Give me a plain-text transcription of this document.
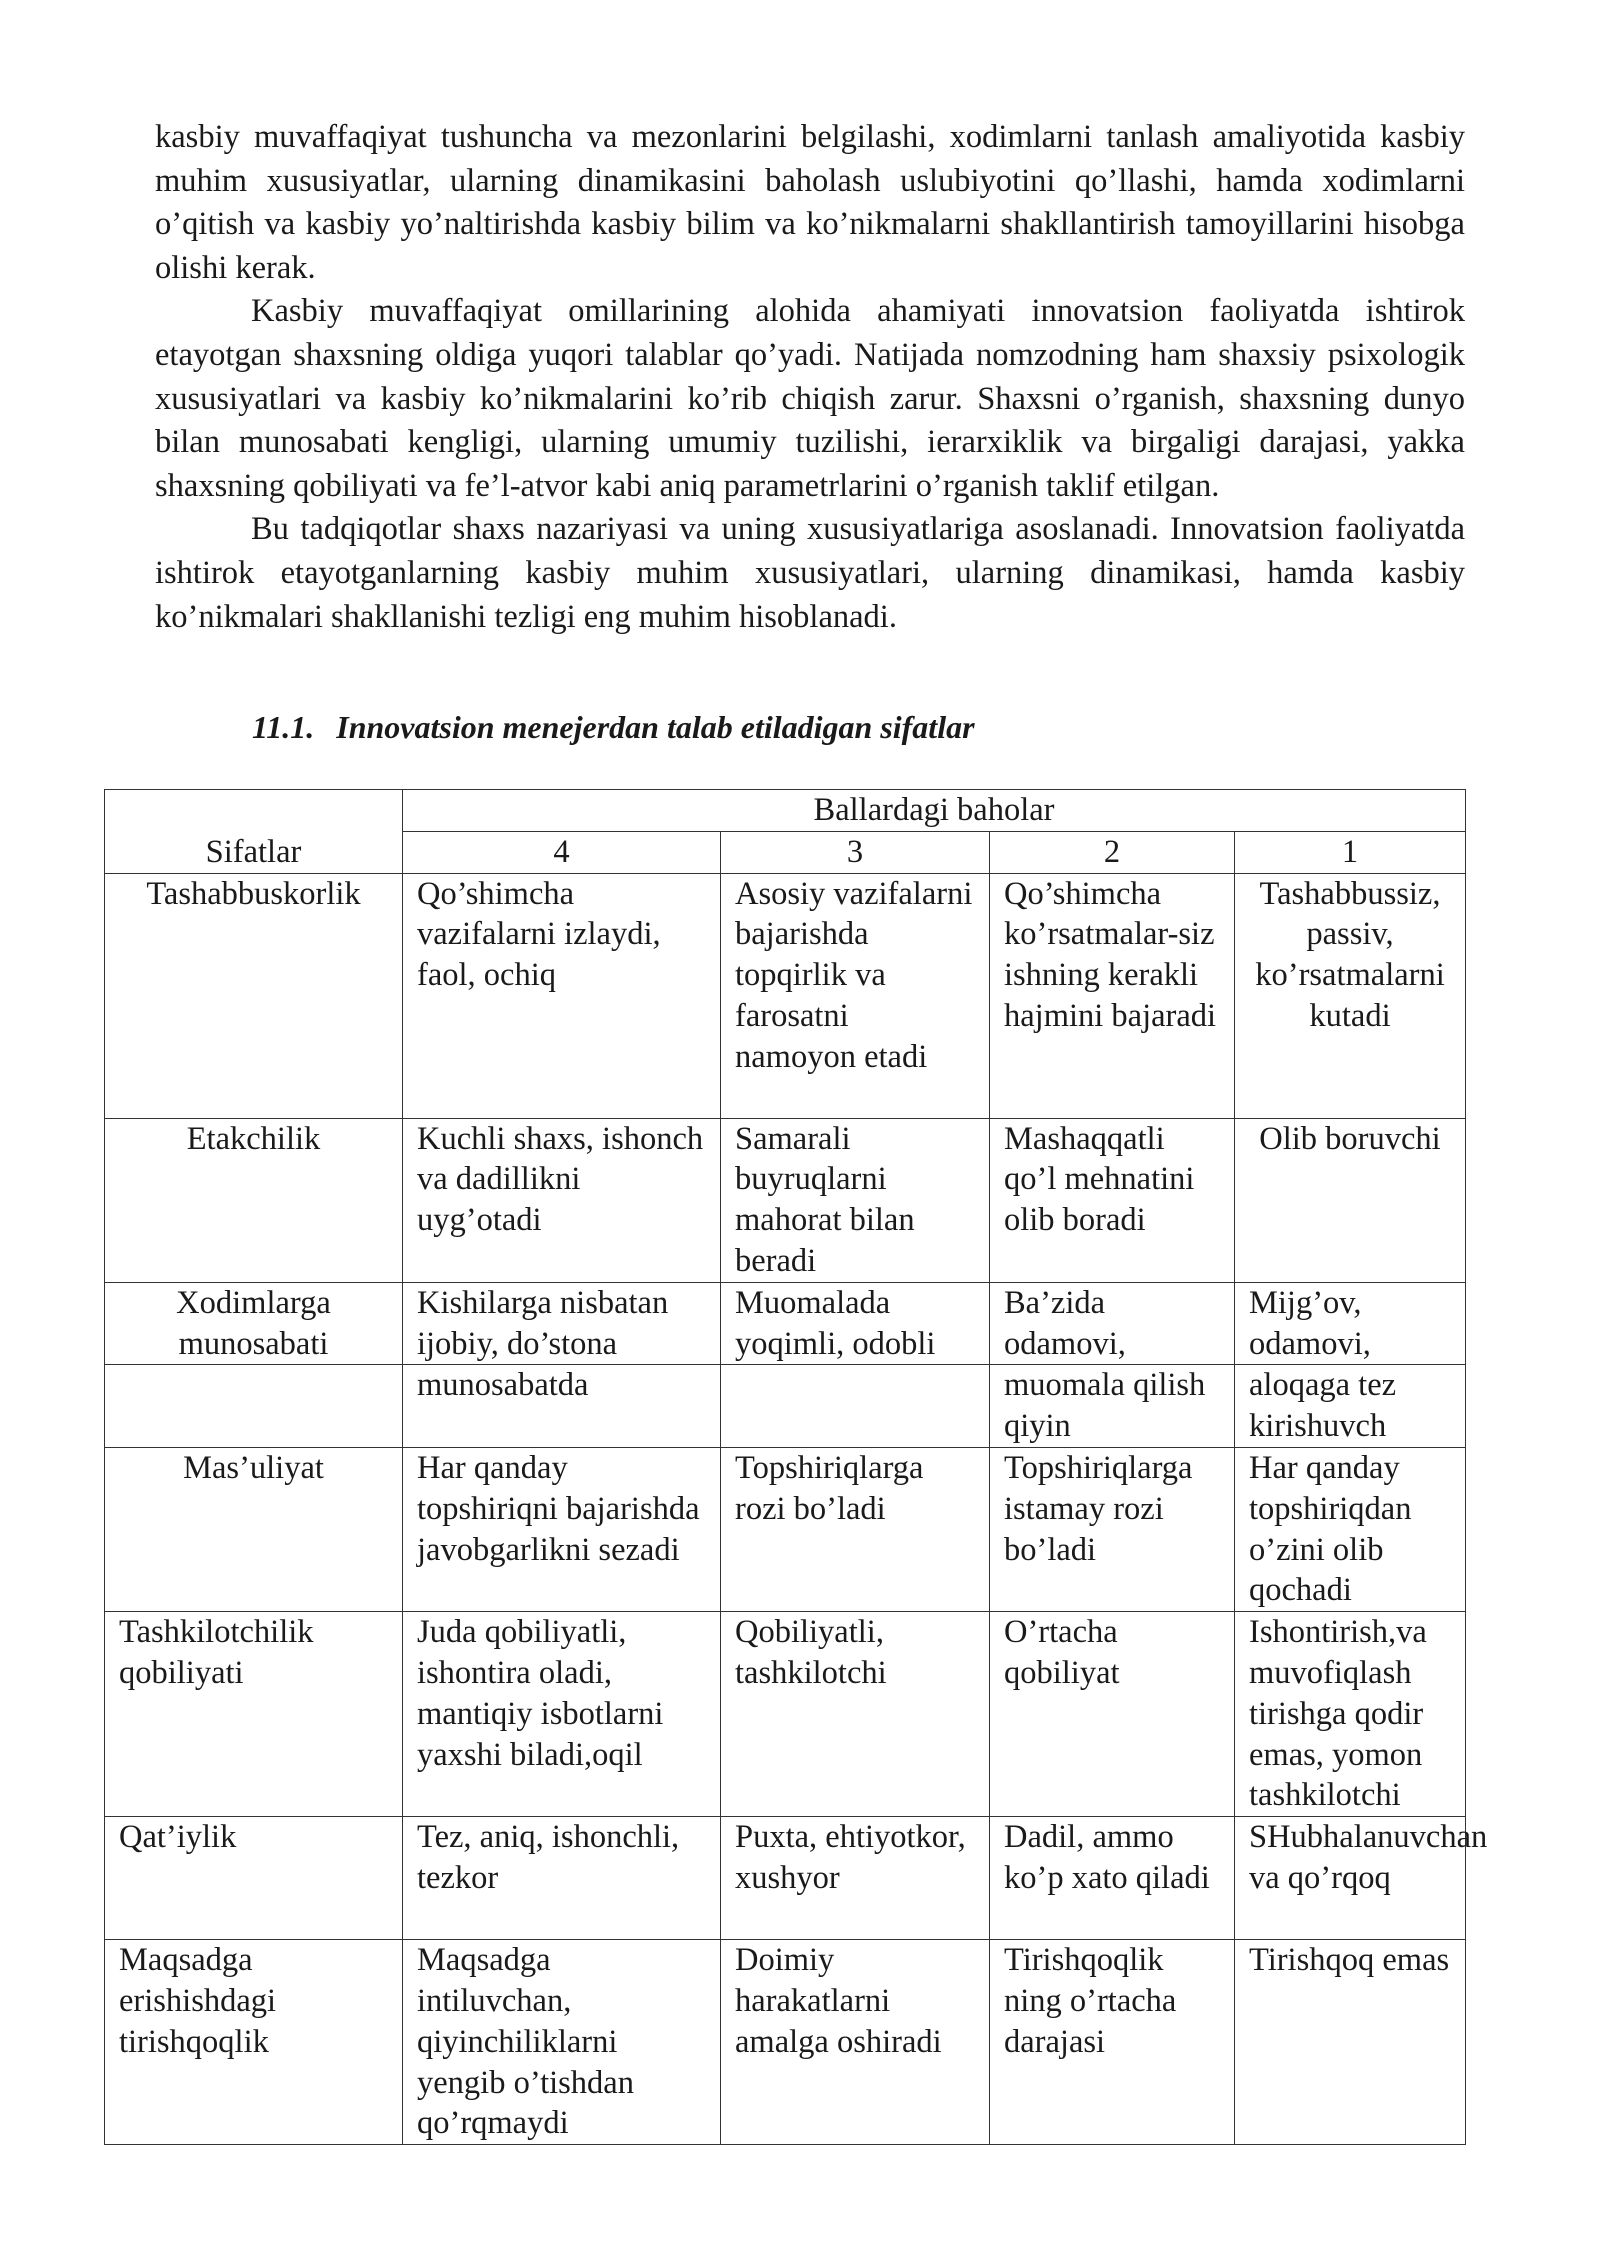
kasbiy muvaffaqiyat tushuncha va mezonlarini belgilashi, xodimlarni tanlash amaliyotida kasbiy muhim xususiyatlar, ularning dinamikasini baholash uslubiyotini qo’llashi, hamda xodimlarni o’qitish va kasbiy yo’naltirishda kasbiy bilim va ko’nikmalarni shakllantirish tamoyillarini hisobga olishi kerak.

Kasbiy muvaffaqiyat omillarining alohida ahamiyati innovatsion faoliyatda ishtirok etayotgan shaxsning oldiga yuqori talablar qo’yadi. Natijada nomzodning ham shaxsiy psixologik xususiyatlari va kasbiy ko’nikmalarini ko’rib chiqish zarur. Shaxsni o’rganish, shaxsning dunyo bilan munosabati kengligi, ularning umumiy tuzilishi, ierarxiklik va birgaligi darajasi, yakka shaxsning qobiliyati va fe’l-atvor kabi aniq parametrlarini o’rganish taklif etilgan.

Bu tadqiqotlar shaxs nazariyasi va uning xususiyatlariga asoslanadi. Innovatsion faoliyatda ishtirok etayotganlarning kasbiy muhim xususiyatlari, ularning dinamikasi, hamda kasbiy ko’nikmalari shakllanishi tezligi eng muhim hisoblanadi.

11.1. Innovatsion menejerdan talab etiladigan sifatlar
Sifatlar	Ballardagi baholar			
	4	3	2	1
Tashabbuskorlik	Qo’shimcha vazifalarni izlaydi, faol, ochiq	Asosiy vazifalarni bajarishda topqirlik va farosatni namoyon etadi	Qo’shimcha ko’rsatmalar-siz ishning kerakli hajmini bajaradi	Tashabbussiz, passiv, ko’rsatmalarni kutadi
Etakchilik	Kuchli shaxs, ishonch va dadillikni uyg’otadi	Samarali buyruqlarni mahorat bilan beradi	Mashaqqatli qo’l mehnatini olib boradi	Olib boruvchi
Xodimlarga munosabati	Kishilarga nisbatan ijobiy, do’stona	Muomalada yoqimli, odobli	Ba’zida odamovi,	Mijg’ov, odamovi,
	munosabatda		muomala qilish qiyin	aloqaga tez kirishuvch
Mas’uliyat	Har qanday topshiriqni bajarishda javobgarlikni sezadi	Topshiriqlarga rozi bo’ladi	Topshiriqlarga istamay rozi bo’ladi	Har qanday topshiriqdan o’zini olib qochadi
Tashkilotchilik qobiliyati	Juda qobiliyatli, ishontira oladi, mantiqiy isbotlarni yaxshi biladi,oqil	Qobiliyatli, tashkilotchi	O’rtacha qobiliyat	Ishontirish,va muvofiqlash tirishga qodir emas, yomon tashkilotchi
Qat’iylik	Tez, aniq, ishonchli, tezkor	Puxta, ehtiyotkor, xushyor	Dadil, ammo ko’p xato qiladi	SHubhalanuvchan va qo’rqoq
Maqsadga erishishdagi tirishqoqlik	Maqsadga intiluvchan, qiyinchiliklarni yengib o’tishdan qo’rqmaydi	Doimiy harakatlarni amalga oshiradi	Tirishqoqlik ning o’rtacha darajasi	Tirishqoq emas
